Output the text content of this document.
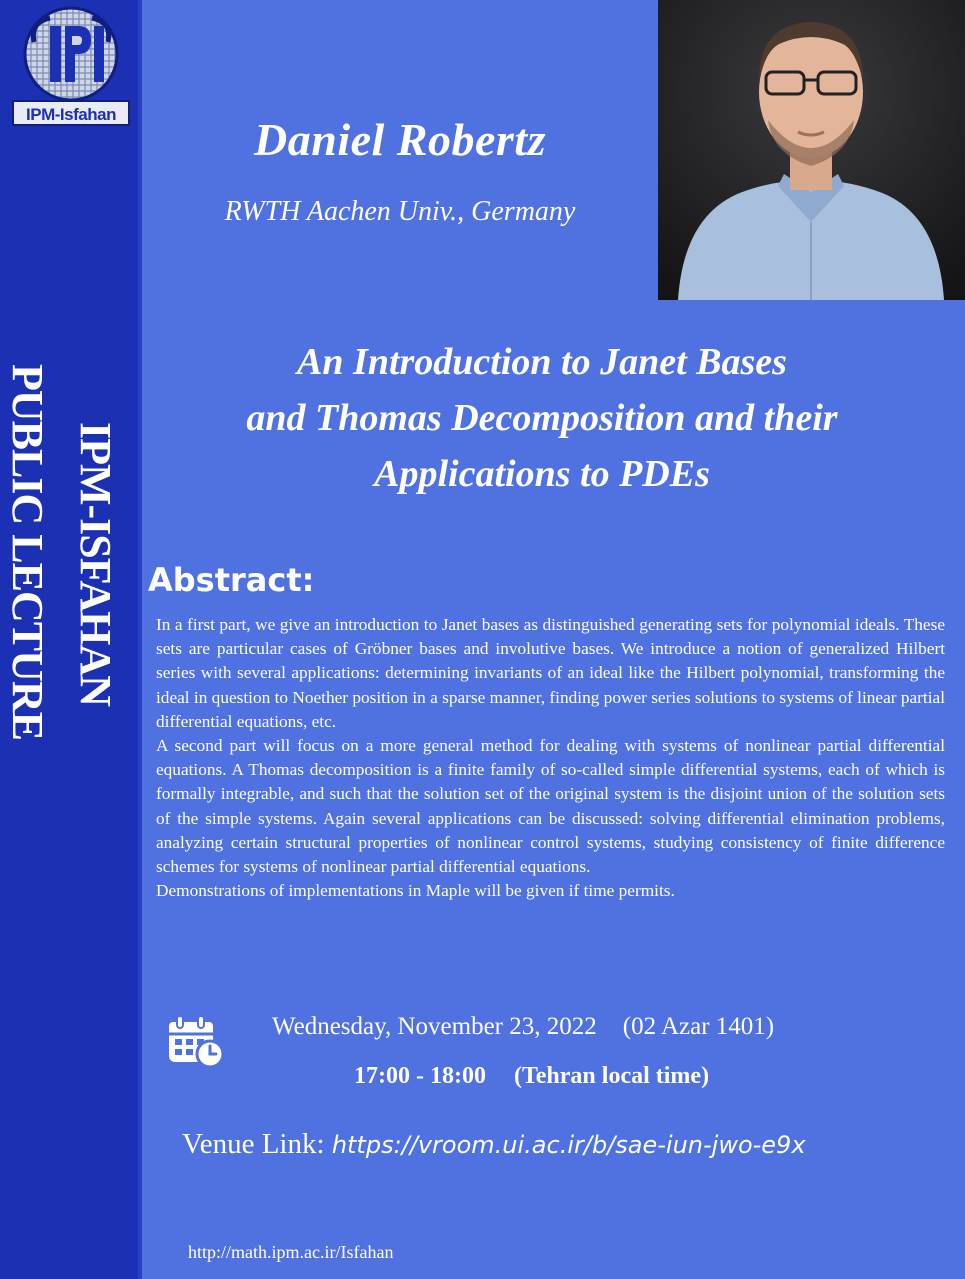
IPM-Isfahan
IPM-ISFAHAN
PUBLIC LECTURE
Daniel Robertz
RWTH Aachen Univ., Germany
An Introduction to Janet Bases
and Thomas Decomposition and their
Applications to PDEs
Abstract:

In a first part, we give an introduction to Janet bases as distinguished generating sets for polynomial ideals. These sets are particular cases of Gröbner bases and involutive bases. We introduce a notion of generalized Hilbert series with several applications: determining invariants of an ideal like the Hilbert polynomial, transforming the ideal in question to Noether position in a sparse manner, finding power series solutions to systems of linear partial differential equations, etc.

A second part will focus on a more general method for dealing with systems of nonlinear partial differential equations. A Thomas decomposition is a finite family of so-called simple differential systems, each of which is formally integrable, and such that the solution set of the original system is the disjoint union of the solution sets of the simple systems. Again several applications can be discussed: solving differential elimination problems, analyzing certain structural properties of nonlinear control systems, studying consistency of finite difference schemes for systems of nonlinear partial differential equations.

Demonstrations of implementations in Maple will be given if time permits.

Wednesday, November 23, 2022 (02 Azar 1401)
17:00 - 18:00 (Tehran local time)
Venue Link: https://vroom.ui.ac.ir/b/sae-iun-jwo-e9x
http://math.ipm.ac.ir/Isfahan
